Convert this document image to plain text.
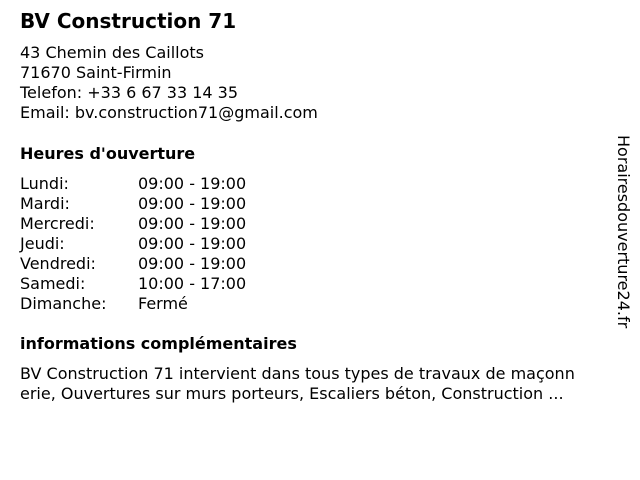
BV Construction 71
43 Chemin des Caillots
71670 Saint-Firmin
Telefon: +33 6 67 33 14 35
Email: bv.construction71@gmail.com
Heures d'ouverture
Lundi:	09:00 - 19:00
Mardi:	09:00 - 19:00
Mercredi:	09:00 - 19:00
Jeudi:	09:00 - 19:00
Vendredi:	09:00 - 19:00
Samedi:	10:00 - 17:00
Dimanche: Fermé
informations complémentaires
BV Construction 71 intervient dans tous types de travaux de maçonn
erie, Ouvertures sur murs porteurs, Escaliers béton, Construction ...
Horairesdouverture24.fr
